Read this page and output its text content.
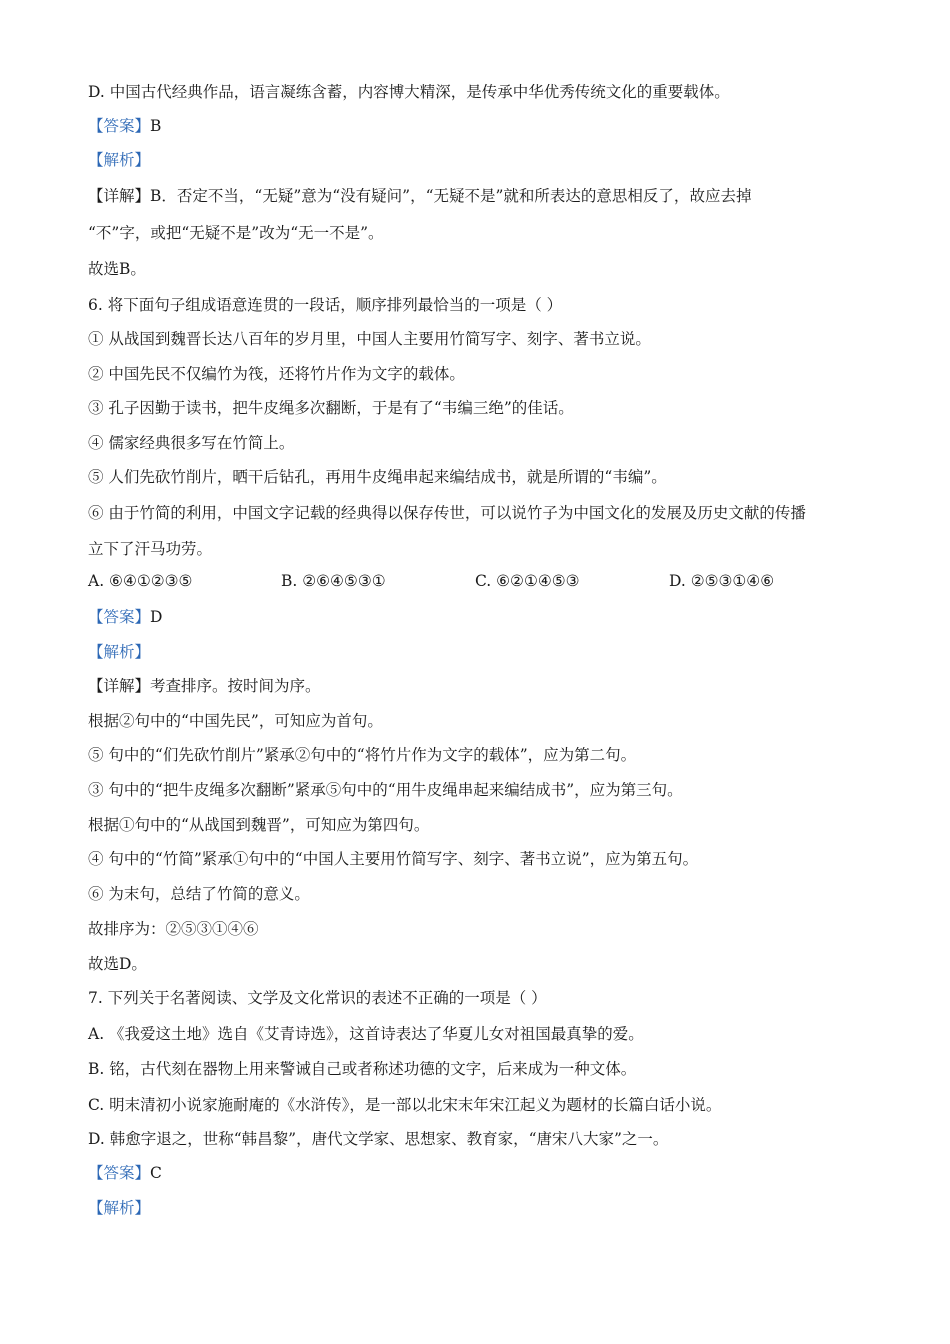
D. 中国古代经典作品，语言凝练含蓄，内容博大精深，是传承中华优秀传统文化的重要载体。
【答案】B
【解析】
【详解】B．否定不当，“无疑”意为“没有疑问”，“无疑不是”就和所表达的意思相反了，故应去掉
“不”字，或把“无疑不是”改为“无一不是”。
故选B。
6. 将下面句子组成语意连贯的一段话，顺序排列最恰当的一项是（ ）
① 从战国到魏晋长达八百年的岁月里，中国人主要用竹简写字、刻字、著书立说。
② 中国先民不仅编竹为筏，还将竹片作为文字的载体。
③ 孔子因勤于读书，把牛皮绳多次翻断，于是有了“韦编三绝”的佳话。
④ 儒家经典很多写在竹简上。
⑤ 人们先砍竹削片，晒干后钻孔，再用牛皮绳串起来编结成书，就是所谓的“韦编”。
⑥ 由于竹简的利用，中国文字记载的经典得以保存传世，可以说竹子为中国文化的发展及历史文献的传播
立下了汗马功劳。
A. ⑥④①②③⑤	B. ②⑥④⑤③①	C. ⑥②①④⑤③	D. ②⑤③①④⑥
【答案】D
【解析】
【详解】考查排序。按时间为序。
根据②句中的“中国先民”，可知应为首句。
⑤ 句中的“们先砍竹削片”紧承②句中的“将竹片作为文字的载体”，应为第二句。
③ 句中的“把牛皮绳多次翻断”紧承⑤句中的“用牛皮绳串起来编结成书”，应为第三句。
根据①句中的“从战国到魏晋”，可知应为第四句。
④ 句中的“竹简”紧承①句中的“中国人主要用竹简写字、刻字、著书立说”，应为第五句。
⑥ 为末句，总结了竹简的意义。
故排序为：②⑤③①④⑥
故选D。
7. 下列关于名著阅读、文学及文化常识的表述不正确的一项是（ ）
A. 《我爱这土地》选自《艾青诗选》，这首诗表达了华夏儿女对祖国最真挚的爱。
B. 铭，古代刻在器物上用来警诫自己或者称述功德的文字，后来成为一种文体。
C. 明末清初小说家施耐庵的《水浒传》，是一部以北宋末年宋江起义为题材的长篇白话小说。
D. 韩愈字退之，世称“韩昌黎”，唐代文学家、思想家、教育家，“唐宋八大家”之一。
【答案】C
【解析】
